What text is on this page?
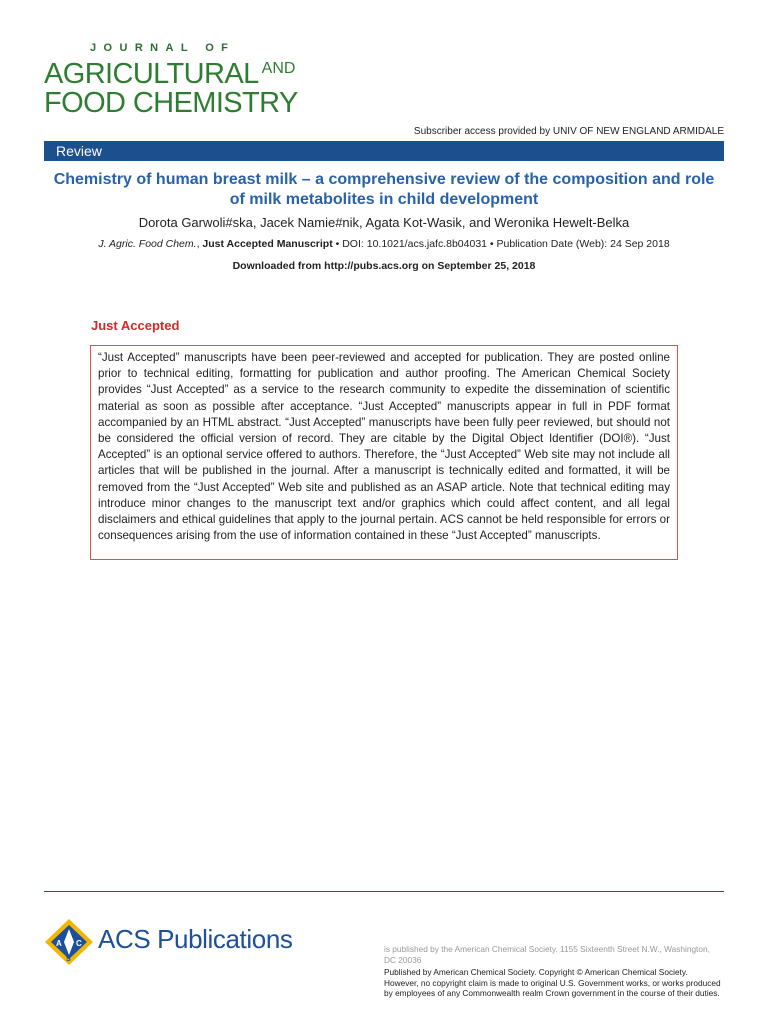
JOURNAL OF
AGRICULTURAL $^{AND}$
FOOD CHEMISTRY
Subscriber access provided by UNIV OF NEW ENGLAND ARMIDALE
Review
Chemistry of human breast milk – a comprehensive review of the composition and role of milk metabolites in child development
Dorota Garwoli#ska, Jacek Namie#nik, Agata Kot-Wasik, and Weronika Hewelt-Belka
J. Agric. Food Chem., Just Accepted Manuscript • DOI: 10.1021/acs.jafc.8b04031 • Publication Date (Web): 24 Sep 2018
Downloaded from http://pubs.acs.org on September 25, 2018
Just Accepted

“Just Accepted” manuscripts have been peer-reviewed and accepted for publication. They are posted online prior to technical editing, formatting for publication and author proofing. The American Chemical Society provides “Just Accepted” as a service to the research community to expedite the dissemination of scientific material as soon as possible after acceptance. “Just Accepted” manuscripts appear in full in PDF format accompanied by an HTML abstract. “Just Accepted” manuscripts have been fully peer reviewed, but should not be considered the official version of record. They are citable by the Digital Object Identifier (DOI®). “Just Accepted” is an optional service offered to authors. Therefore, the “Just Accepted” Web site may not include all articles that will be published in the journal. After a manuscript is technically edited and formatted, it will be removed from the “Just Accepted” Web site and published as an ASAP article. Note that technical editing may introduce minor changes to the manuscript text and/or graphics which could affect content, and all legal disclaimers and ethical guidelines that apply to the journal pertain. ACS cannot be held responsible for errors or consequences arising from the use of information contained in these “Just Accepted” manuscripts.

A C
S
ACS Publications	is published by the American Chemical Society. 1155 Sixteenth Street N.W., Washington, DC 20036
Published by American Chemical Society. Copyright © American Chemical Society. However, no copyright claim is made to original U.S. Government works, or works produced by employees of any Commonwealth realm Crown government in the course of their duties.
